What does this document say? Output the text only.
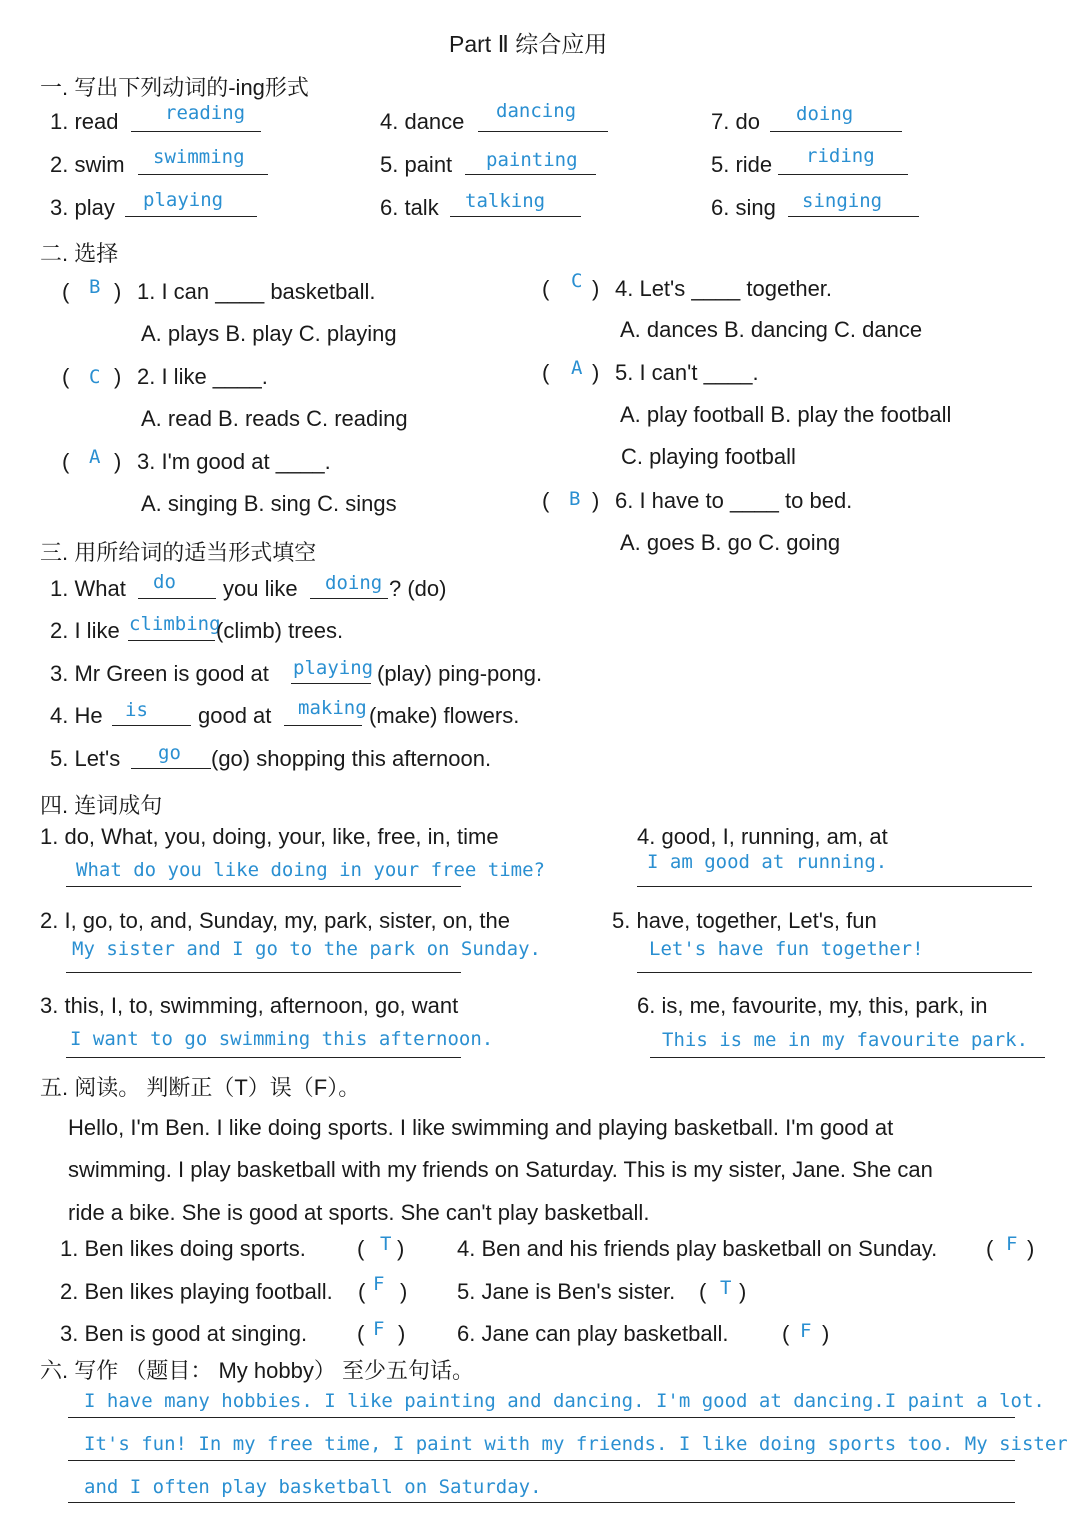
Part Ⅱ 综合应用
一. 写出下列动词的-ing形式
1. read reading	4. dance dancing	7. do doing
2. swim swimming	5. paint painting	5. ride riding
3. play playing	6. talk talking	6. sing singing
二. 选择
( B ) 1. I can ____ basketball.
A. plays B. play C. playing
( C ) 2. I like ____.
A. read B. reads C. reading
( A ) 3. I'm good at ____.
A. singing B. sing C. sings
( C ) 4. Let's ____ together.
A. dances B. dancing C. dance
( A ) 5. I can't ____.
A. play football B. play the football
C. playing football
( B ) 6. I have to ____ to bed.
A. goes B. go C. going
三. 用所给词的适当形式填空
1. What do you like doing ? (do)
2. I like climbing
(climb) trees.
3. Mr Green is good at playing (play) ping-pong.
4. He is good at making (make) flowers.
5. Let's go (go) shopping this afternoon.
四. 连词成句
1. do, What, you, doing, your, like, free, in, time
What do you like doing in your free time?
2. I, go, to, and, Sunday, my, park, sister, on, the
My sister and I go to the park on Sunday.
3. this, I, to, swimming, afternoon, go, want
I want to go swimming this afternoon.
4. good, I, running, am, at
I am good at running.
5. have, together, Let's, fun
Let's have fun together!
6. is, me, favourite, my, this, park, in
This is me in my favourite park.
五. 阅读。 判断正（T）误（F）。
Hello, I'm Ben. I like doing sports. I like swimming and playing basketball. I'm good at
swimming. I play basketball with my friends on Saturday. This is my sister, Jane. She can
ride a bike. She is good at sports. She can't play basketball.
1. Ben likes doing sports. ( T )
2. Ben likes playing football. ( F )
3. Ben is good at singing. ( F )
4. Ben and his friends play basketball on Sunday. ( F )
5. Jane is Ben's sister. ( T )
6. Jane can play basketball. ( F )
六. 写作 （题目： My hobby） 至少五句话。
I have many hobbies. I like painting and dancing. I'm good at dancing.I paint a lot.
It's fun! In my free time, I paint with my friends. I like doing sports too. My sister
and I often play basketball on Saturday.
